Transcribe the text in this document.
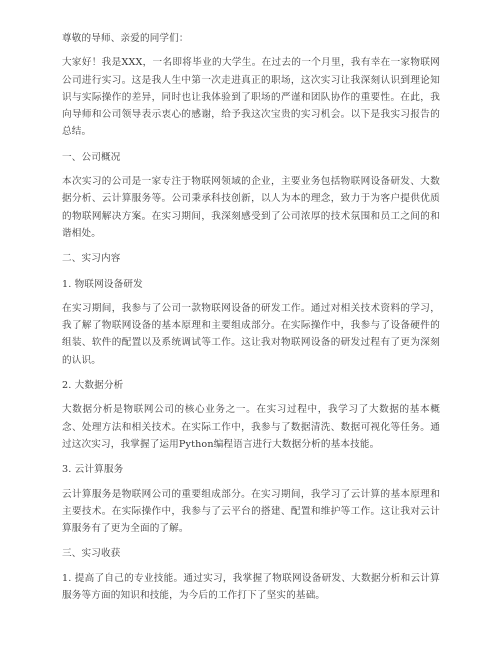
尊敬的导师、亲爱的同学们：

大家好！我是XXX，一名即将毕业的大学生。在过去的一个月里，我有幸在一家物联网公司进行实习。这是我人生中第一次走进真正的职场，这次实习让我深刻认识到理论知识与实际操作的差异，同时也让我体验到了职场的严谨和团队协作的重要性。在此，我向导师和公司领导表示衷心的感谢，给予我这次宝贵的实习机会。以下是我实习报告的总结。

一、公司概况

本次实习的公司是一家专注于物联网领域的企业，主要业务包括物联网设备研发、大数据分析、云计算服务等。公司秉承科技创新，以人为本的理念，致力于为客户提供优质的物联网解决方案。在实习期间，我深刻感受到了公司浓厚的技术氛围和员工之间的和谐相处。

二、实习内容

1. 物联网设备研发

在实习期间，我参与了公司一款物联网设备的研发工作。通过对相关技术资料的学习，我了解了物联网设备的基本原理和主要组成部分。在实际操作中，我参与了设备硬件的组装、软件的配置以及系统调试等工作。这让我对物联网设备的研发过程有了更为深刻的认识。

2. 大数据分析

大数据分析是物联网公司的核心业务之一。在实习过程中，我学习了大数据的基本概念、处理方法和相关技术。在实际工作中，我参与了数据清洗、数据可视化等任务。通过这次实习，我掌握了运用Python编程语言进行大数据分析的基本技能。

3. 云计算服务

云计算服务是物联网公司的重要组成部分。在实习期间，我学习了云计算的基本原理和主要技术。在实际操作中，我参与了云平台的搭建、配置和维护等工作。这让我对云计算服务有了更为全面的了解。

三、实习收获

1. 提高了自己的专业技能。通过实习，我掌握了物联网设备研发、大数据分析和云计算服务等方面的知识和技能，为今后的工作打下了坚实的基础。
